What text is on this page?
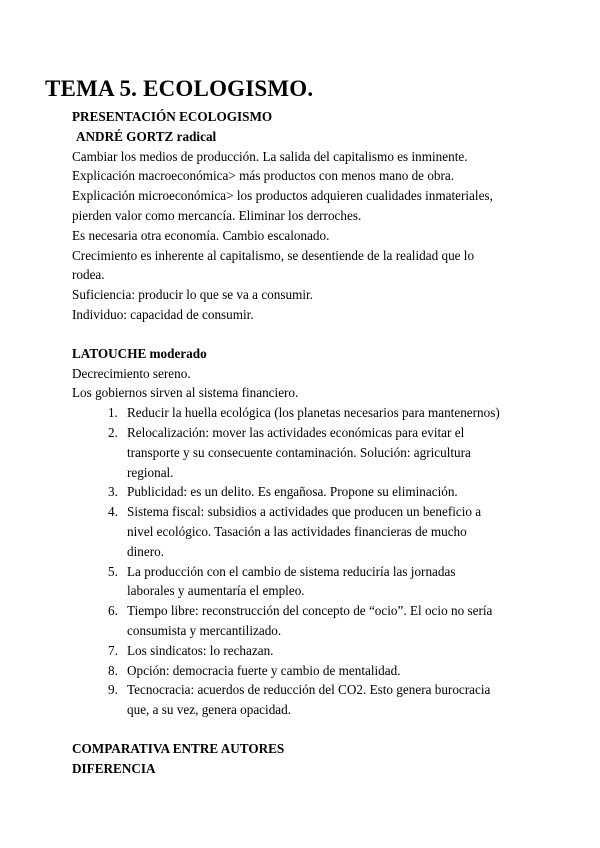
TEMA 5. ECOLOGISMO.
PRESENTACIÓN ECOLOGISMO
ANDRÉ GORTZ radical
Cambiar los medios de producción. La salida del capitalismo es inminente.
Explicación macroeconómica> más productos con menos mano de obra.
Explicación microeconómica> los productos adquieren cualidades inmateriales,
pierden valor como mercancía. Eliminar los derroches.
Es necesaria otra economía. Cambio escalonado.
Crecimiento es inherente al capitalismo, se desentiende de la realidad que lo
rodea.
Suficiencia: producir lo que se va a consumir.
Individuo: capacidad de consumir.
LATOUCHE moderado
Decrecimiento sereno.
Los gobiernos sirven al sistema financiero.
1. Reducir la huella ecológica (los planetas necesarios para mantenernos)
2. Relocalización: mover las actividades económicas para evitar el
transporte y su consecuente contaminación. Solución: agricultura
regional.
3. Publicidad: es un delito. Es engañosa. Propone su eliminación.
4. Sistema fiscal: subsidios a actividades que producen un beneficio a
nivel ecológico. Tasación a las actividades financieras de mucho
dinero.
5. La producción con el cambio de sistema reduciría las jornadas
laborales y aumentaría el empleo.
6. Tiempo libre: reconstrucción del concepto de “ocio”. El ocio no sería
consumista y mercantilizado.
7. Los sindicatos: lo rechazan.
8. Opción: democracia fuerte y cambio de mentalidad.
9. Tecnocracia: acuerdos de reducción del CO2. Esto genera burocracia
que, a su vez, genera opacidad.
COMPARATIVA ENTRE AUTORES
DIFERENCIA
